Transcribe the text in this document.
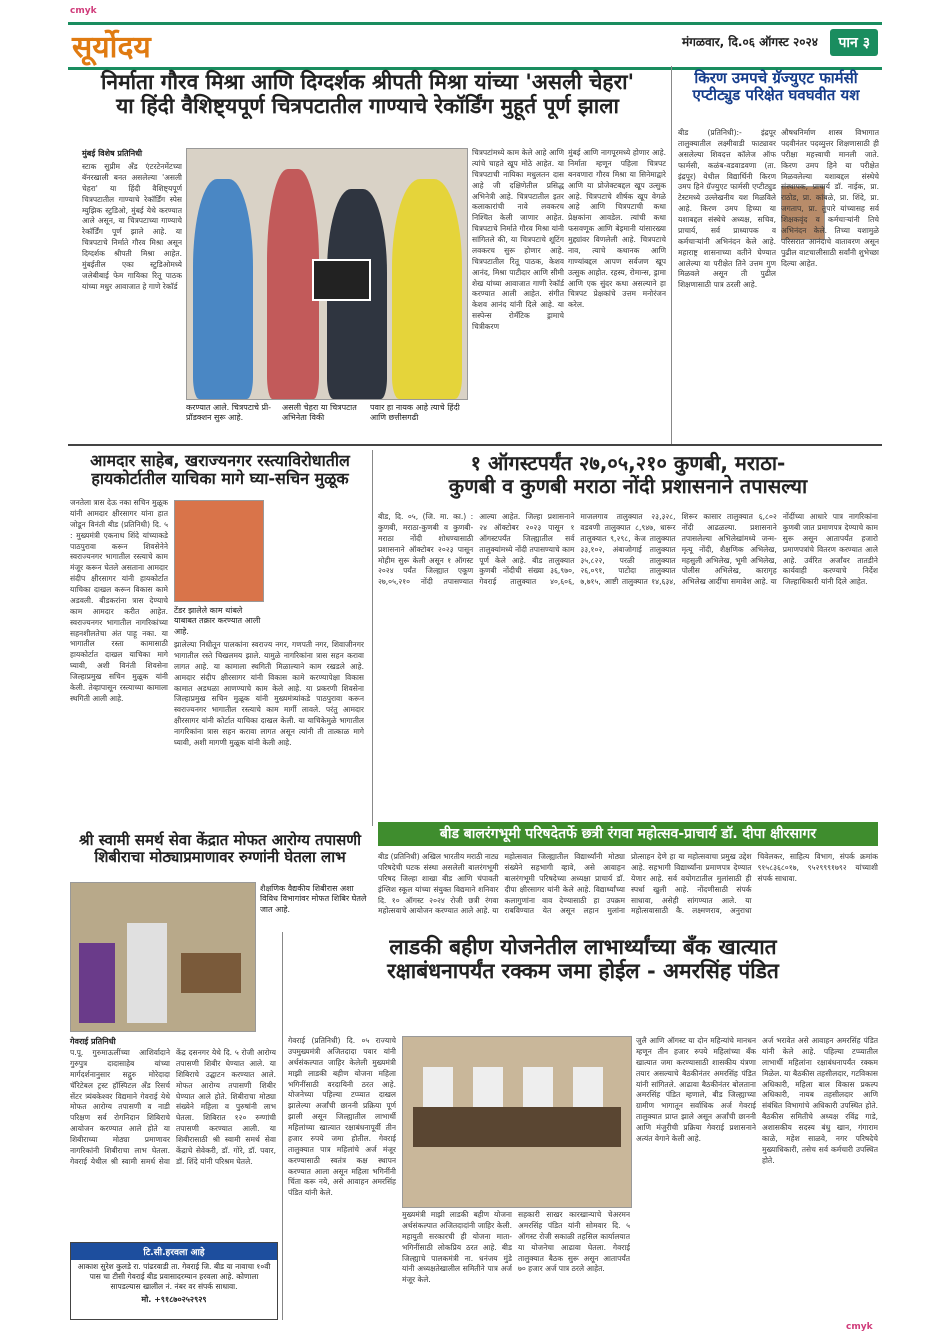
cmyk
cmyk
सूर्योदय	मंगळवार, दि.०६ ऑगस्ट २०२४	पान ३
निर्माता गौरव मिश्रा आणि दिग्दर्शक श्रीपती मिश्रा यांच्या 'असली चेहरा'
या हिंदी वैशिष्ट्यपूर्ण चित्रपटातील गाण्याचे रेकॉर्डिंग मुहूर्त पूर्ण झाला
मुंबई विशेष प्रतिनिधी
स्टाक सुप्रीम अँड एंटरटेनमेंटच्या बॅनरखाली बनत असलेल्या 'असली चेहरा' या हिंदी वैशिष्ट्यपूर्ण चित्रपटातील गाण्याचे रेकॉर्डिंग स्पेस म्युझिक स्टुडिओ, मुंबई येथे करण्यात आले असून, या चित्रपटाच्या गाण्याचे रेकॉर्डिंग पूर्ण झाले आहे. या चित्रपटाचे निर्माते गौरव मिश्रा असून दिग्दर्शक श्रीपती मिश्रा आहेत. मुंबईतील एका स्टुडिओमध्ये जलेबीबाई फेम गायिका रितू पाठक यांच्या मधुर आवाजात हे गाणे रेकॉर्ड
करण्यात आले. चित्रपटाचे प्री-प्रॉडक्शन सुरू आहे.
असली चेहरा या चित्रपटात अभिनेता विकी
पवार हा नायक आहे त्याचे हिंदी आणि छत्तीसगढी
चित्रपटांमध्ये काम केले आहे आणि त्यांचे चाहते खूप मोठे आहेत. या चित्रपटाची नायिका मधुलतन दास आहे जी दक्षिणेतील प्रसिद्ध अभिनेत्री आहे. चित्रपटातील इतर कलाकारांची नावे लवकरच निश्चित केली जाणार आहेत. चित्रपटाचे निर्माते गौरव मिश्रा यांनी सांगितले की, या चित्रपटाचे शूटिंग लवकरच सुरू होणार आहे. चित्रपटातील रितू पाठक, केशव आनंद, मिश्रा पाटीदार आणि सीमी शेख यांच्या आवाजात गाणी रेकॉर्ड करण्यात आली आहेत. संगीत केशव आनंद यांनी दिले आहे. या सस्पेन्स रोमॅंटिक ड्रामाचे चित्रीकरण
मुंबई आणि नागपूरमध्ये होणार आहे. निर्माता म्हणून पहिला चित्रपट बनवणारा गौरव मिश्रा या सिनेमाद्वारे आणि या प्रोजेक्टबद्दल खूप उत्सुक आहे. चित्रपटाचे शीर्षक खूप वेगळे आहे आणि चित्रपटाची कथा प्रेक्षकांना आवडेल. त्यांची कथा फसवणूक आणि बेइमानी यांसारख्या मुद्द्यांवर विणलेली आहे. चित्रपटाचे नाव, त्याचे कथानक आणि गाण्यांबद्दल आपण सर्वजण खूप उत्सुक आहोत. रहस्य, रोमान्स, ड्रामा आणि एक सुंदर कथा असल्याने हा चित्रपट प्रेक्षकांचे उत्तम मनोरंजन करेल.
किरण उमपचे ग्रॅज्युएट फार्मसी
एप्टीट्युड परिक्षेत घवघवीत यश
बीड (प्रतिनिधी):- इंद्रपूर तालुक्यातील लक्ष्मीवाडी फाट्यावर असलेल्या शिवदत्त कॉलेज ऑफ फार्मसी, कळंब-वडवाडवणा (ता. इंद्रपूर) येथील विद्यार्थिनी किरण उमप हिने ग्रॅज्युएट फार्मसी एप्टीट्युड टेस्टमध्ये उल्लेखनीय यश मिळविले आहे. किरण उमप हिच्या या यशाबद्दल संस्थेचे अध्यक्ष, सचिव, प्राचार्य, सर्व प्राध्यापक व कर्मचाऱ्यांनी अभिनंदन केले आहे. महाराष्ट्र शासनाच्या वतीने घेण्यात आलेल्या या परीक्षेत तिने उत्तम गुण मिळवले असून ती पुढील शिक्षणासाठी पात्र ठरली आहे.
औषधनिर्माण शास्त्र विभागात पदवीनंतर पदव्युत्तर शिक्षणासाठी ही परीक्षा महत्त्वाची मानली जाते. किरण उमप हिने या परीक्षेत मिळवलेल्या यशाबद्दल संस्थेचे संस्थापक, प्राचार्य डॉ. नाईक, प्रा. राठोड, प्रा. कांबळे, प्रा. शिंदे, प्रा. जगताप, प्रा. तुपारे यांच्यासह सर्व शिक्षकवृंद व कर्मचाऱ्यांनी तिचे अभिनंदन केले. तिच्या यशामुळे परिसरात आनंदाचे वातावरण असून पुढील वाटचालीसाठी सर्वांनी शुभेच्छा दिल्या आहेत.
आमदार साहेब, खराज्यनगर रस्त्याविरोधातील
हायकोर्टातील याचिका मागे घ्या-सचिन मुळूक
जनतेला त्रास देऊ नका सचिन मुळूक यांनी आमदार क्षीरसागर यांना हात जोडून विनंती बीड (प्रतिनिधी) दि. ५ : मुख्यमंत्री एकनाथ शिंदे यांच्याकडे पाठपुरावा करून शिवसेनेने स्वराज्यनगर भागातील रस्त्याचे काम मंजूर करून घेतले असताना आमदार संदीप क्षीरसागर यांनी हायकोर्टात याचिका दाखल करून विकास कामे अडवली. बीडकरांना त्रास देण्याचे काम आमदार करीत आहेत. स्वराज्यनगर भागातील नागरिकांच्या सहनशीलतेचा अंत पाहू नका. या भागातील रस्ता कामासाठी हायकोर्टात दाखल याचिका मागे घ्यावी, अशी विनंती शिवसेना जिल्हाप्रमुख सचिन मुळूक यांनी केली. तेव्हापासून रस्त्याच्या कामाला स्थगिती आली आहे.
टेंडर झालेले काम थांबले याबाबत तक्रार करण्यात आली आहे.
झालेल्या निधीतून पालकांना स्वराज्य नगर, गणपती नगर, शिवाजीनगर भागातील रस्ते चिखलमय झाले. यामुळे नागरिकांना त्रास सहन करावा लागत आहे. या कामाला स्थगिती मिळाल्याने काम रखडले आहे. आमदार संदीप क्षीरसागर यांनी विकास कामे करण्यापेक्षा विकास कामात अडथळा आणण्याचे काम केले आहे. या प्रकरणी शिवसेना जिल्हाप्रमुख सचिन मुळूक यांनी मुख्यमंत्र्यांकडे पाठपुरावा करून स्वराज्यनगर भागातील रस्त्याचे काम मार्गी लावले. परंतु आमदार क्षीरसागर यांनी कोर्टात याचिका दाखल केली. या याचिकेमुळे भागातील नागरिकांना त्रास सहन करावा लागत असून त्यांनी ती तात्काळ मागे घ्यावी, अशी मागणी मुळूक यांनी केली आहे.
१ ऑगस्टपर्यंत २७,०५,२१० कुणबी, मराठा-
कुणबी व कुणबी मराठा नोंदी प्रशासनाने तपासल्या
बीड, दि. ०५, (जि. मा. का.) : कुणबी, मराठा-कुणबी व कुणबी-मराठा नोंदी शोधण्यासाठी प्रशासनाने ऑक्टोबर २०२३ पासून मोहीम सुरू केली असून १ ऑगस्ट २०२४ पर्यंत जिल्ह्यात एकूण २७,०५,२१० नोंदी तपासण्यात आल्या आहेत. जिल्हा प्रशासनाने २४ ऑक्टोबर २०२३ पासून १ ऑगस्टपर्यंत जिल्ह्यातील सर्व तालुक्यांमध्ये नोंदी तपासण्याचे काम पूर्ण केले आहे. बीड तालुक्यात कुणबी नोंदीची संख्या ३६,९७०, गेवराई तालुक्यात ४०,६०६, माजलगाव तालुक्यात २३,३२८, वडवणी तालुक्यात ८,९४७, धारूर तालुक्यात ९,२९८, केज तालुक्यात ३३,१०२, अंबाजोगाई तालुक्यात ३५,८२२, परळी तालुक्यात २६,०९१, पाटोदा तालुक्यात ७,७१५, आष्टी तालुक्यात १४,६३४, शिरूर कासार तालुक्यात ६,८०२ नोंदी आढळल्या. प्रशासनाने तपासलेल्या अभिलेखांमध्ये जन्म-मृत्यू नोंदी, शैक्षणिक अभिलेख, महसुली अभिलेख, भूमी अभिलेख, पोलीस अभिलेख, कारागृह अभिलेख आदींचा समावेश आहे. या नोंदींच्या आधारे पात्र नागरिकांना कुणबी जात प्रमाणपत्र देण्याचे काम सुरू असून आतापर्यंत हजारो प्रमाणपत्रांचे वितरण करण्यात आले आहे. उर्वरित अर्जांवर तातडीने कार्यवाही करण्याचे निर्देश जिल्हाधिकारी यांनी दिले आहेत.
बीड बालरंगभूमी परिषदेतर्फे छत्री रंगवा महोत्सव-प्राचार्य डॉ. दीपा क्षीरसागर
बीड (प्रतिनिधी) अखिल भारतीय मराठी नाट्य परिषदेची घटक संस्था असलेली बालरंगभूमी परिषद जिल्हा शाखा बीड आणि चंपावती इंग्लिश स्कूल यांच्या संयुक्त विद्यमाने शनिवार दि. १० ऑगस्ट २०२४ रोजी छत्री रंगवा महोत्सवाचे आयोजन करण्यात आले आहे. या महोत्सवात जिल्ह्यातील विद्यार्थ्यांनी मोठ्या संख्येने सहभागी व्हावे, असे आवाहन बालरंगभूमी परिषदेच्या अध्यक्षा प्राचार्य डॉ. दीपा क्षीरसागर यांनी केले आहे. विद्यार्थ्यांच्या कलागुणांना वाव देण्यासाठी हा उपक्रम राबविण्यात येत असून लहान मुलांना प्रोत्साहन देणे हा या महोत्सवाचा प्रमुख उद्देश आहे. सहभागी विद्यार्थ्यांना प्रमाणपत्र देण्यात येणार आहे. सर्व वयोगटातील मुलांसाठी ही स्पर्धा खुली आहे. नोंदणीसाठी संपर्क साधावा, असेही सांगण्यात आले. या महोत्सवासाठी कै. लक्ष्मणराव, अनुराधा चिवेलकर, साहित्य विभाग, संपर्क क्रमांक ९१५८३६८०१७, ९५२९९९१७९२ यांच्याशी संपर्क साधावा.
श्री स्वामी समर्थ सेवा केंद्रात मोफत आरोग्य तपासणी
शिबीराचा मोठ्याप्रमाणावर रुग्णांनी घेतला लाभ
शैक्षणिक वैद्यकीय शिबीरास अशा विविध विभागांवर मोफत शिबिर घेतले जात आहे.
गेवराई प्रतिनिधी
प.पू. गुरुमाऊलींच्या आशिर्वादाने गुरुपुत्र दादासाहेब यांच्या मार्गदर्शनानुसार सद्गुरु मोरेदादा चॅरिटेबल ट्रस्ट हॉस्पिटल अँड रिसर्च सेंटर त्र्यंबकेश्वर विद्यमाने गेवराई येथे मोफत आरोग्य तपासणी व नाडी परिक्षण सर्व रोगनिदान शिबिराचे आयोजन करण्यात आले होते या शिबीराच्या मोठ्या प्रमाणावर नागरिकांनी शिबीराचा लाभ घेतला. गेवराई येथील श्री स्वामी समर्थ सेवा केंद्र दसनगर येथे दि. ५ रोजी आरोग्य तपासणी शिबीर घेण्यात आले. या शिबिराचे उद्घाटन करण्यात आले. मोफत आरोग्य तपासणी शिबीर घेण्यात आले होते. शिबीराचा मोठ्या संख्येने महिला व पुरुषांनी लाभ घेतला. शिबिरात १२० रुग्णांची तपासणी करण्यात आली. या शिबीरासाठी श्री स्वामी समर्थ सेवा केंद्राचे सेवेकरी, डॉ. गोरे, डॉ. पवार, डॉ. शिंदे यांनी परिश्रम घेतले.
टि.सी.हरवला आहे
आकाश सुरेश कुलडे रा. पांढरवाडी ता. गेवराई जि. बीड या नावाचा १०वी पास चा टीसी गेवराई बीड प्रवासादरम्यान हरवला आहे. कोणाला सापडल्यास खालील नं. नंबर वर संपर्क साधावा.
मो. +९१८७०२५२९२९
लाडकी बहीण योजनेतील लाभार्थ्यांच्या बँक खात्यात
रक्षाबंधनापर्यंत रक्कम जमा होईल - अमरसिंह पंडित
गेवराई (प्रतिनिधी) दि. ०५ राज्याचे उपमुख्यमंत्री अजितदादा पवार यांनी अर्थसंकल्पात जाहिर केलेली मुख्यमंत्री माझी लाडकी बहीण योजना महिला भगिनींसाठी वरदायिनी ठरत आहे. योजनेच्या पहिल्या टप्प्यात दाखल झालेल्या अर्जांची छाननी प्रक्रिया पूर्ण झाली असून जिल्ह्यातील लाभार्थी महिलांच्या खात्यात रक्षाबंधनापूर्वी तीन हजार रुपये जमा होतील. गेवराई तालुक्यात पात्र महिलांचे अर्ज मंजूर करण्यासाठी स्वतंत्र कक्ष स्थापन करण्यात आला असून महिला भगिनींनी चिंता करू नये, असे आवाहन अमरसिंह पंडित यांनी केले.
मुख्यमंत्री माझी लाडकी बहीण योजना अर्थसंकल्पात अजितदादांनी जाहिर केली. महायुती सरकारची ही योजना माता-भगिनींसाठी लोकप्रिय ठरत आहे. बीड जिल्ह्याचे पालकमंत्री ना. धनंजय मुंडे यांनी अध्यक्षतेखालील समितीने पात्र अर्ज मंजूर केले.
सहकारी साखर कारखान्याचे चेअरमन अमरसिंह पंडित यांनी सोमवार दि. ५ ऑगस्ट रोजी सकाळी तहसिल कार्यालयात या योजनेचा आढावा घेतला. गेवराई तालुक्यात बैठक सुरू असून आतापर्यंत ७० हजार अर्ज पात्र ठरले आहेत.
जुलै आणि ऑगस्ट या दोन महिन्यांचे मानधन म्हणून तीन हजार रुपये महिलांच्या बँक खात्यात जमा करण्यासाठी शासकीय यंत्रणा तयार असल्याचे बैठकीनंतर अमरसिंह पंडित यांनी सांगितले. आढावा बैठकीनंतर बोलताना अमरसिंह पंडित म्हणाले, बीड जिल्ह्याच्या ग्रामीण भागातून सर्वाधिक अर्ज गेवराई तालुक्यात प्राप्त झाले असून अर्जांची छाननी आणि मंजुरीची प्रक्रिया गेवराई प्रशासनाने अत्यंत वेगाने केली आहे.
अर्ज भरावेत असे आवाहन अमरसिंह पंडित यांनी केले आहे. पहिल्या टप्प्यातील लाभार्थी महिलांना रक्षाबंधनापर्यंत रक्कम मिळेल. या बैठकीस तहसीलदार, गटविकास अधिकारी, महिला बाल विकास प्रकल्प अधिकारी, नायब तहसीलदार आणि संबंधित विभागांचे अधिकारी उपस्थित होते. बैठकीस समितीचे अध्यक्ष रविंद्र गाडे, अशासकीय सदस्य बंधु खान, गंगाराम काळे, महेश साळवे, नगर परिषदेचे मुख्याधिकारी, तसेच सर्व कर्मचारी उपस्थित होते.
